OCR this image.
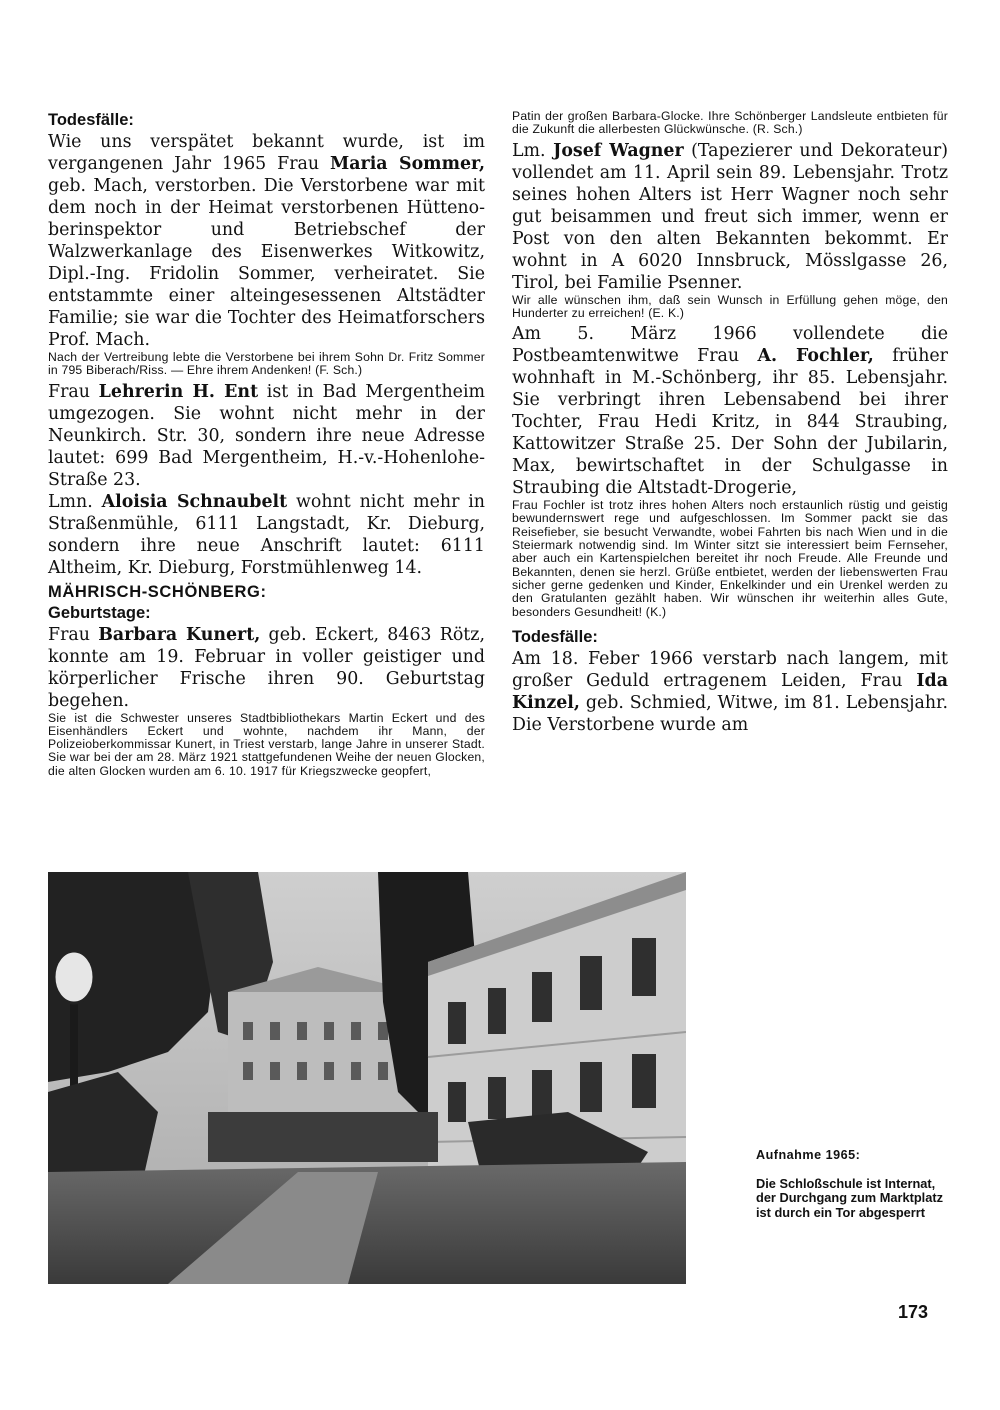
Todesfälle:

Wie uns verspätet bekannt wurde, ist im vergangenen Jahr 1965 Frau Maria Sommer, geb. Mach, verstorben. Die Verstorbene war mit dem noch in der Heimat verstorbenen Hüttenoberinspektor und Betriebschef der Walzwerkanlage des Eisenwerkes Witkowitz, Dipl.-Ing. Fridolin Sommer, verheiratet. Sie entstammte einer alteingesessenen Altstädter Familie; sie war die Tochter des Heimatforschers Prof. Mach.

Nach der Vertreibung lebte die Verstorbene bei ihrem Sohn Dr. Fritz Sommer in 795 Biberach/Riss. — Ehre ihrem Andenken! (F. Sch.)

Frau Lehrerin H. Ent ist in Bad Mergentheim umgezogen. Sie wohnt nicht mehr in der Neunkirch. Str. 30, sondern ihre neue Adresse lautet: 699 Bad Mergentheim, H.-v.-Hohenlohe-Straße 23.

Lmn. Aloisia Schnaubelt wohnt nicht mehr in Straßenmühle, 6111 Langstadt, Kr. Dieburg, sondern ihre neue Anschrift lautet: 6111 Altheim, Kr. Dieburg, Forstmühlenweg 14.

MÄHRISCH-SCHÖNBERG:

Geburtstage:

Frau Barbara Kunert, geb. Eckert, 8463 Rötz, konnte am 19. Februar in voller geistiger und körperlicher Frische ihren 90. Geburtstag begehen.

Sie ist die Schwester unseres Stadtbibliothekars Martin Eckert und des Eisenhändlers Eckert und wohnte, nachdem ihr Mann, der Polizeioberkommissar Kunert, in Triest verstarb, lange Jahre in unserer Stadt. Sie war bei der am 28. März 1921 stattgefundenen Weihe der neuen Glocken, die alten Glocken wurden am 6. 10. 1917 für Kriegszwecke geopfert,

Patin der großen Barbara-Glocke. Ihre Schönberger Landsleute entbieten für die Zukunft die allerbesten Glückwünsche. (R. Sch.)

Lm. Josef Wagner (Tapezierer und Dekorateur) vollendet am 11. April sein 89. Lebensjahr. Trotz seines hohen Alters ist Herr Wagner noch sehr gut beisammen und freut sich immer, wenn er Post von den alten Bekannten bekommt. Er wohnt in A 6020 Innsbruck, Mösslgasse 26, Tirol, bei Familie Psenner.

Wir alle wünschen ihm, daß sein Wunsch in Erfüllung gehen möge, den Hunderter zu erreichen! (E. K.)

Am 5. März 1966 vollendete die Postbeamtenwitwe Frau A. Fochler, früher wohnhaft in M.-Schönberg, ihr 85. Lebensjahr. Sie verbringt ihren Lebensabend bei ihrer Tochter, Frau Hedi Kritz, in 844 Straubing, Kattowitzer Straße 25. Der Sohn der Jubilarin, Max, bewirtschaftet in der Schulgasse in Straubing die Altstadt-Drogerie,

Frau Fochler ist trotz ihres hohen Alters noch erstaunlich rüstig und geistig bewundernswert rege und aufgeschlossen. Im Sommer packt sie das Reisefieber, sie besucht Verwandte, wobei Fahrten bis nach Wien und in die Steiermark notwendig sind. Im Winter sitzt sie interessiert beim Fernseher, aber auch ein Kartenspielchen bereitet ihr noch Freude. Alle Freunde und Bekannten, denen sie herzl. Grüße entbietet, werden der liebenswerten Frau sicher gerne gedenken und Kinder, Enkelkinder und ein Urenkel werden zu den Gratulanten gezählt haben. Wir wünschen ihr weiterhin alles Gute, besonders Gesundheit! (K.)

Todesfälle:

Am 18. Feber 1966 verstarb nach langem, mit großer Geduld ertragenem Leiden, Frau Ida Kinzel, geb. Schmied, Witwe, im 81. Lebensjahr. Die Verstorbene wurde am

Aufnahme 1965:
Die Schloßschule ist Internat, der Durchgang zum Marktplatz ist durch ein Tor abgesperrt
173
